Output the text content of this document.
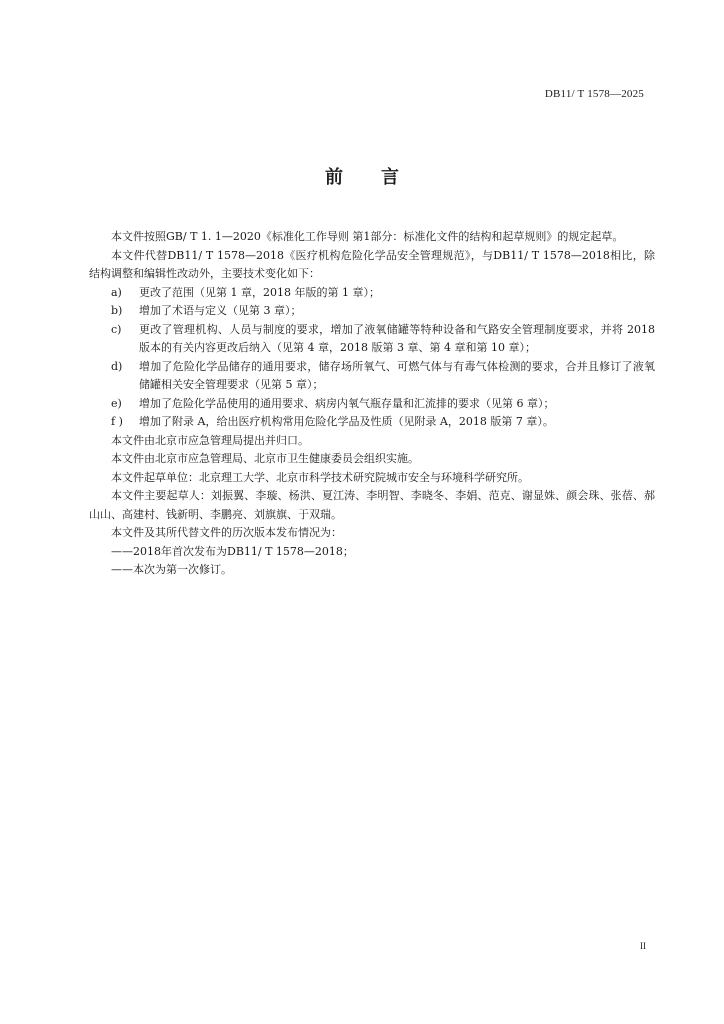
DB11/ T 1578—2025
前言

本文件按照GB/ T 1. 1—2020《标准化工作导则 第1部分：标准化文件的结构和起草规则》的规定起草。

本文件代替DB11/ T 1578—2018《医疗机构危险化学品安全管理规范》，与DB11/ T 1578—2018相比，除结构调整和编辑性改动外，主要技术变化如下：

a)	更改了范围（见第 1 章，2018 年版的第 1 章）；
b)	增加了术语与定义（见第 3 章）；
c)	更改了管理机构、人员与制度的要求，增加了液氧储罐等特种设备和气路安全管理制度要求，并将 2018 版本的有关内容更改后纳入（见第 4 章，2018 版第 3 章、第 4 章和第 10 章）；
d)	增加了危险化学品储存的通用要求，储存场所氧气、可燃气体与有毒气体检测的要求，合并且修订了液氧储罐相关安全管理要求（见第 5 章）；
e)	增加了危险化学品使用的通用要求、病房内氧气瓶存量和汇流排的要求（见第 6 章）；
f )	增加了附录 A，给出医疗机构常用危险化学品及性质（见附录 A，2018 版第 7 章）。

本文件由北京市应急管理局提出并归口。

本文件由北京市应急管理局、北京市卫生健康委员会组织实施。

本文件起草单位：北京理工大学、北京市科学技术研究院城市安全与环境科学研究所。

本文件主要起草人：刘振翼、李璇、杨洪、夏江涛、李明智、李晓冬、李娟、范克、谢显姝、颜会珠、张蓓、郝山山、高建村、钱新明、李鹏亮、刘旗旗、于双瑞。

本文件及其所代替文件的历次版本发布情况为：

——2018年首次发布为DB11/ T 1578—2018；

——本次为第一次修订。

II
